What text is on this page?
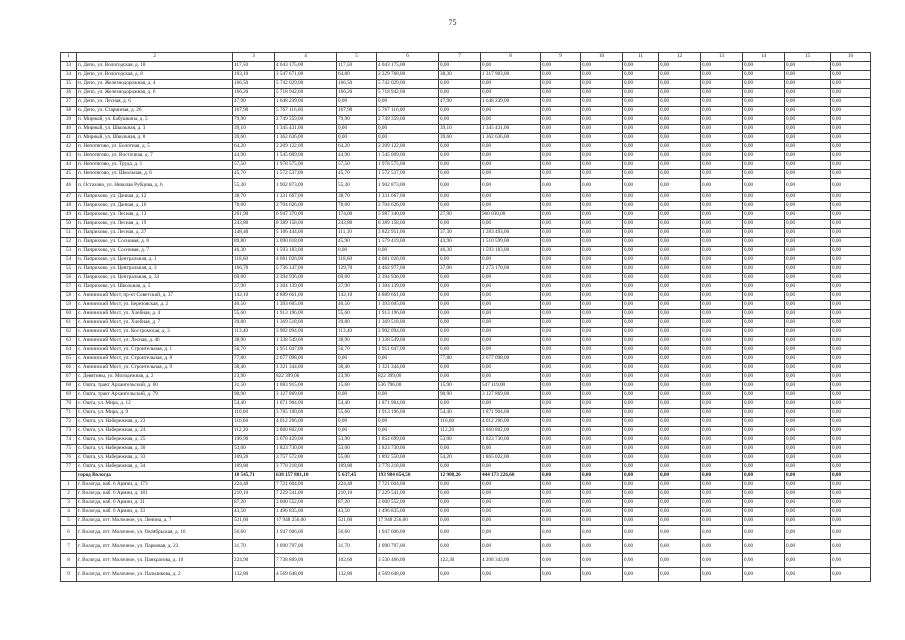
75
1	2	3	4	5	6	7	8	9	10	11	12	13	14	15	16
33	п. Депо, ул. Вологодская, д. 18	117,50	4 043 175,00	117,50	4 043 175,00	0,00	0,00	0,00	0,00	0,00	0,00	0,00	0,00	0,00	0,00
34	п. Депо, ул. Вологодская, д. 8	103,10	3 547 671,00	64,80	2 229 768,00	38,30	1 317 903,00	0,00	0,00	0,00	0,00	0,00	0,00	0,00	0,00
35	п. Депо, ул. Железнодорожная, д. 4	166,50	5 742 029,00	166,50	5 742 029,00	0,00	0,00	0,00	0,00	0,00	0,00	0,00	0,00	0,00	0,00
36	п. Депо, ул. Железнодорожная, д. 6	166,20	5 718 942,00	166,20	5 718 942,00	0,00	0,00	0,00	0,00	0,00	0,00	0,00	0,00	0,00	0,00
37	п. Депо, ул. Лесная, д. 6	47,90	1 648 239,00	0,00	0,00	47,90	1 648 239,00	0,00	0,00	0,00	0,00	0,00	0,00	0,00	0,00
38	п. Депо, ул. Старинная, д. 26	167,90	5 767 116,00	167,90	5 767 116,00	0,00	0,00	0,00	0,00	0,00	0,00	0,00	0,00	0,00	0,00
39	п. Мирный, ул. Бабушкина, д. 5	79,90	2 749 359,00	79,90	2 749 359,00	0,00	0,00	0,00	0,00	0,00	0,00	0,00	0,00	0,00	0,00
40	п. Мирный, ул. Школьная, д. 3	39,10	1 345 431,00	0,00	0,00	39,10	1 345 431,00	0,00	0,00	0,00	0,00	0,00	0,00	0,00	0,00
41	п. Мирный, ул. Школьная, д. 8	39,60	1 362 636,00	0,00	0,00	39,60	1 362 636,00	0,00	0,00	0,00	0,00	0,00	0,00	0,00	0,00
42	п. Непотягово, ул. Болотная, д. 5	64,20	2 209 122,00	64,20	2 209 122,00	0,00	0,00	0,00	0,00	0,00	0,00	0,00	0,00	0,00	0,00
43	п. Непотягово, ул. Восточная, д. 7	44,90	1 545 009,00	44,90	1 545 009,00	0,00	0,00	0,00	0,00	0,00	0,00	0,00	0,00	0,00	0,00
44	п. Непотягово, ул. Труда, д. 1	57,50	1 978 575,00	57,50	1 978 575,00	0,00	0,00	0,00	0,00	0,00	0,00	0,00	0,00	0,00	0,00
45	п. Непотягово, ул. Школьная, д. 6	45,70	1 572 537,00	45,70	1 572 537,00	0,00	0,00	0,00	0,00	0,00	0,00	0,00	0,00	0,00	0,00
46	п. Остахово, ул. Николая Рубцова, д. 6	55,30	1 902 873,00	55,30	1 902 873,00	0,00	0,00	0,00	0,00	0,00	0,00	0,00	0,00	0,00	0,00
47	п. Паприхово, ул. Дачная, д. 12	38,70	1 331 667,00	38,70	1 331 667,00	0,00	0,00	0,00	0,00	0,00	0,00	0,00	0,00	0,00	0,00
48	п. Паприхово, ул. Дачная, д. 16	78,60	2 704 626,00	78,60	2 704 626,00	0,00	0,00	0,00	0,00	0,00	0,00	0,00	0,00	0,00	0,00
49	п. Паприхово, ул. Лесная, д. 13	201,90	6 947 370,00	174,00	5 987 340,00	27,90	960 030,00	0,00	0,00	0,00	0,00	0,00	0,00	0,00	0,00
50	п. Паприхово, ул. Лесная, д. 19	243,80	8 389 158,00	243,80	8 389 158,00	0,00	0,00	0,00	0,00	0,00	0,00	0,00	0,00	0,00	0,00
51	п. Паприхово, ул. Лесная, д. 27	148,40	5 106 444,00	111,10	3 822 951,00	37,30	1 283 493,00	0,00	0,00	0,00	0,00	0,00	0,00	0,00	0,00
52	п. Паприхово, ул. Сосновая, д. 8	89,80	3 090 018,00	45,90	1 579 419,00	43,90	1 510 599,00	0,00	0,00	0,00	0,00	0,00	0,00	0,00	0,00
53	п. Паприхово, ул. Сосновая, д. 7	46,30	1 593 183,00	0,00	0,00	46,30	1 593 183,00	0,00	0,00	0,00	0,00	0,00	0,00	0,00	0,00
54	п. Паприхово, ул. Центральная, д. 1	118,60	4 081 026,00	118,60	4 081 026,00	0,00	0,00	0,00	0,00	0,00	0,00	0,00	0,00	0,00	0,00
55	п. Паприхово, ул. Центральная, д. 3	166,70	5 736 147,00	129,70	4 462 977,00	37,00	1 273 170,00	0,00	0,00	0,00	0,00	0,00	0,00	0,00	0,00
56	п. Паприхово, ул. Центральная, д. 33	69,60	2 394 936,00	69,60	2 394 936,00	0,00	0,00	0,00	0,00	0,00	0,00	0,00	0,00	0,00	0,00
57	п. Паприхово, ул. Школьная, д. 5	37,90	1 304 139,00	37,90	1 304 139,00	0,00	0,00	0,00	0,00	0,00	0,00	0,00	0,00	0,00	0,00
58	с. Аннинский Мост, пр-кт Советский, д. 37	142,10	4 889 661,00	142,10	4 889 661,00	0,00	0,00	0,00	0,00	0,00	0,00	0,00	0,00	0,00	0,00
59	с. Аннинский Мост, ул. Березовская, д. 2	40,50	1 393 605,00	40,50	1 393 605,00	0,00	0,00	0,00	0,00	0,00	0,00	0,00	0,00	0,00	0,00
60	с. Аннинский Мост, ул. Хлебная, д. 4	55,60	1 913 196,00	55,60	1 913 196,00	0,00	0,00	0,00	0,00	0,00	0,00	0,00	0,00	0,00	0,00
61	с. Аннинский Мост, ул. Хлебная, д. 7	39,80	1 369 518,00	39,80	1 369 518,00	0,00	0,00	0,00	0,00	0,00	0,00	0,00	0,00	0,00	0,00
62	с. Аннинский Мост, ул. Костромская, д. 3	113,40	3 902 094,00	113,40	3 902 094,00	0,00	0,00	0,00	0,00	0,00	0,00	0,00	0,00	0,00	0,00
63	с. Аннинский Мост, ул. Лесная, д. 46	38,90	1 338 549,00	38,90	1 338 549,00	0,00	0,00	0,00	0,00	0,00	0,00	0,00	0,00	0,00	0,00
64	с. Аннинский Мост, ул. Строительная, д. 1	56,70	1 951 047,00	56,70	1 951 047,00	0,00	0,00	0,00	0,00	0,00	0,00	0,00	0,00	0,00	0,00
65	с. Аннинский Мост, ул. Строительная, д. 8	77,80	2 677 098,00	0,00	0,00	77,80	2 677 098,00	0,00	0,00	0,00	0,00	0,00	0,00	0,00	0,00
66	с. Аннинский Мост, ул. Строительная, д. 9	38,40	1 321 344,00	38,40	1 321 344,00	0,00	0,00	0,00	0,00	0,00	0,00	0,00	0,00	0,00	0,00
67	с. Девятины, ул. Молодежная, д. 2	23,90	822 399,00	23,90	822 399,00	0,00	0,00	0,00	0,00	0,00	0,00	0,00	0,00	0,00	0,00
68	с. Ошта, тракт Архангельский, д. 60	31,50	1 083 915,00	15,60	536 796,00	15,90	547 119,00	0,00	0,00	0,00	0,00	0,00	0,00	0,00	0,00
69	с. Ошта, тракт Архангельский, д. 79	90,90	3 127 869,00	0,00	0,00	90,90	3 127 869,00	0,00	0,00	0,00	0,00	0,00	0,00	0,00	0,00
70	с. Ошта, ул. Мира, д. 12	54,40	1 871 904,00	54,40	1 871 904,00	0,00	0,00	0,00	0,00	0,00	0,00	0,00	0,00	0,00	0,00
71	с. Ошта, ул. Мира, д. 9	110,00	3 785 100,00	55,60	1 913 196,00	54,40	1 871 904,00	0,00	0,00	0,00	0,00	0,00	0,00	0,00	0,00
72	с. Ошта, ул. Набережная, д. 23	116,60	4 012 206,00	0,00	0,00	116,60	4 012 206,00	0,00	0,00	0,00	0,00	0,00	0,00	0,00	0,00
73	с. Ошта, ул. Набережная, д. 24	112,20	3 860 802,00	0,00	0,00	112,20	3 860 802,00	0,00	0,00	0,00	0,00	0,00	0,00	0,00	0,00
74	с. Ошта, ул. Набережная, д. 25	106,90	3 678 429,00	53,90	1 854 699,00	53,00	1 823 730,00	0,00	0,00	0,00	0,00	0,00	0,00	0,00	0,00
75	с. Ошта, ул. Набережная, д. 30	53,00	1 823 730,00	53,00	1 823 730,00	0,00	0,00	0,00	0,00	0,00	0,00	0,00	0,00	0,00	0,00
76	с. Ошта, ул. Набережная, д. 33	109,20	3 757 572,00	55,00	1 892 550,00	54,20	1 865 022,00	0,00	0,00	0,00	0,00	0,00	0,00	0,00	0,00
77	с. Ошта, ул. Набережная, д. 34	109,80	3 778 218,00	109,80	3 778 218,00	0,00	0,00	0,00	0,00	0,00	0,00	0,00	0,00	0,00	0,00
	город Вологда	18 545,71	638 157 881,10	5 637,45	193 984 654,50	12 908,26	444 173 226,60	0,00	0,00	0,00	0,00	0,00	0,00	0,00	0,00
1	г. Вологда, наб. 6 Армии, д. 173	224,40	7 721 604,00	224,40	7 721 604,00	0,00	0,00	0,00	0,00	0,00	0,00	0,00	0,00	0,00	0,00
2	г. Вологда, наб. 6 Армии, д. 181	210,10	7 229 541,00	210,10	7 229 541,00	0,00	0,00	0,00	0,00	0,00	0,00	0,00	0,00	0,00	0,00
3	г. Вологда, наб. 6 Армии, д. 31	87,20	3 000 552,00	87,20	3 000 552,00	0,00	0,00	0,00	0,00	0,00	0,00	0,00	0,00	0,00	0,00
4	г. Вологда, наб. 6 Армии, д. 33	43,50	1 496 835,00	43,50	1 496 835,00	0,00	0,00	0,00	0,00	0,00	0,00	0,00	0,00	0,00	0,00
5	г. Вологда, пгт. Молочное, ул. Ленина, д. 7	521,60	17 948 256,00	521,60	17 948 256,00	0,00	0,00	0,00	0,00	0,00	0,00	0,00	0,00	0,00	0,00
6	г. Вологда, пгт. Молочное, ул. Октябрьская, д. 16	56,60	1 947 606,00	56,60	1 947 606,00	0,00	0,00	0,00	0,00	0,00	0,00	0,00	0,00	0,00	0,00
7	г. Вологда, пгт. Молочное, ул. Парковая, д. 23	31,70	1 090 797,00	31,70	1 090 797,00	0,00	0,00	0,00	0,00	0,00	0,00	0,00	0,00	0,00	0,00
8	г. Вологда, пгт. Молочное, ул. Панкратова, д. 10	224,90	7 738 809,00	102,60	3 530 466,00	122,30	4 208 343,00	0,00	0,00	0,00	0,00	0,00	0,00	0,00	0,00
9	г. Вологда, пгт. Молочное, ул. Пальчикова, д. 2	132,80	4 569 648,00	132,80	4 569 648,00	0,00	0,00	0,00	0,00	0,00	0,00	0,00	0,00	0,00	0,00
